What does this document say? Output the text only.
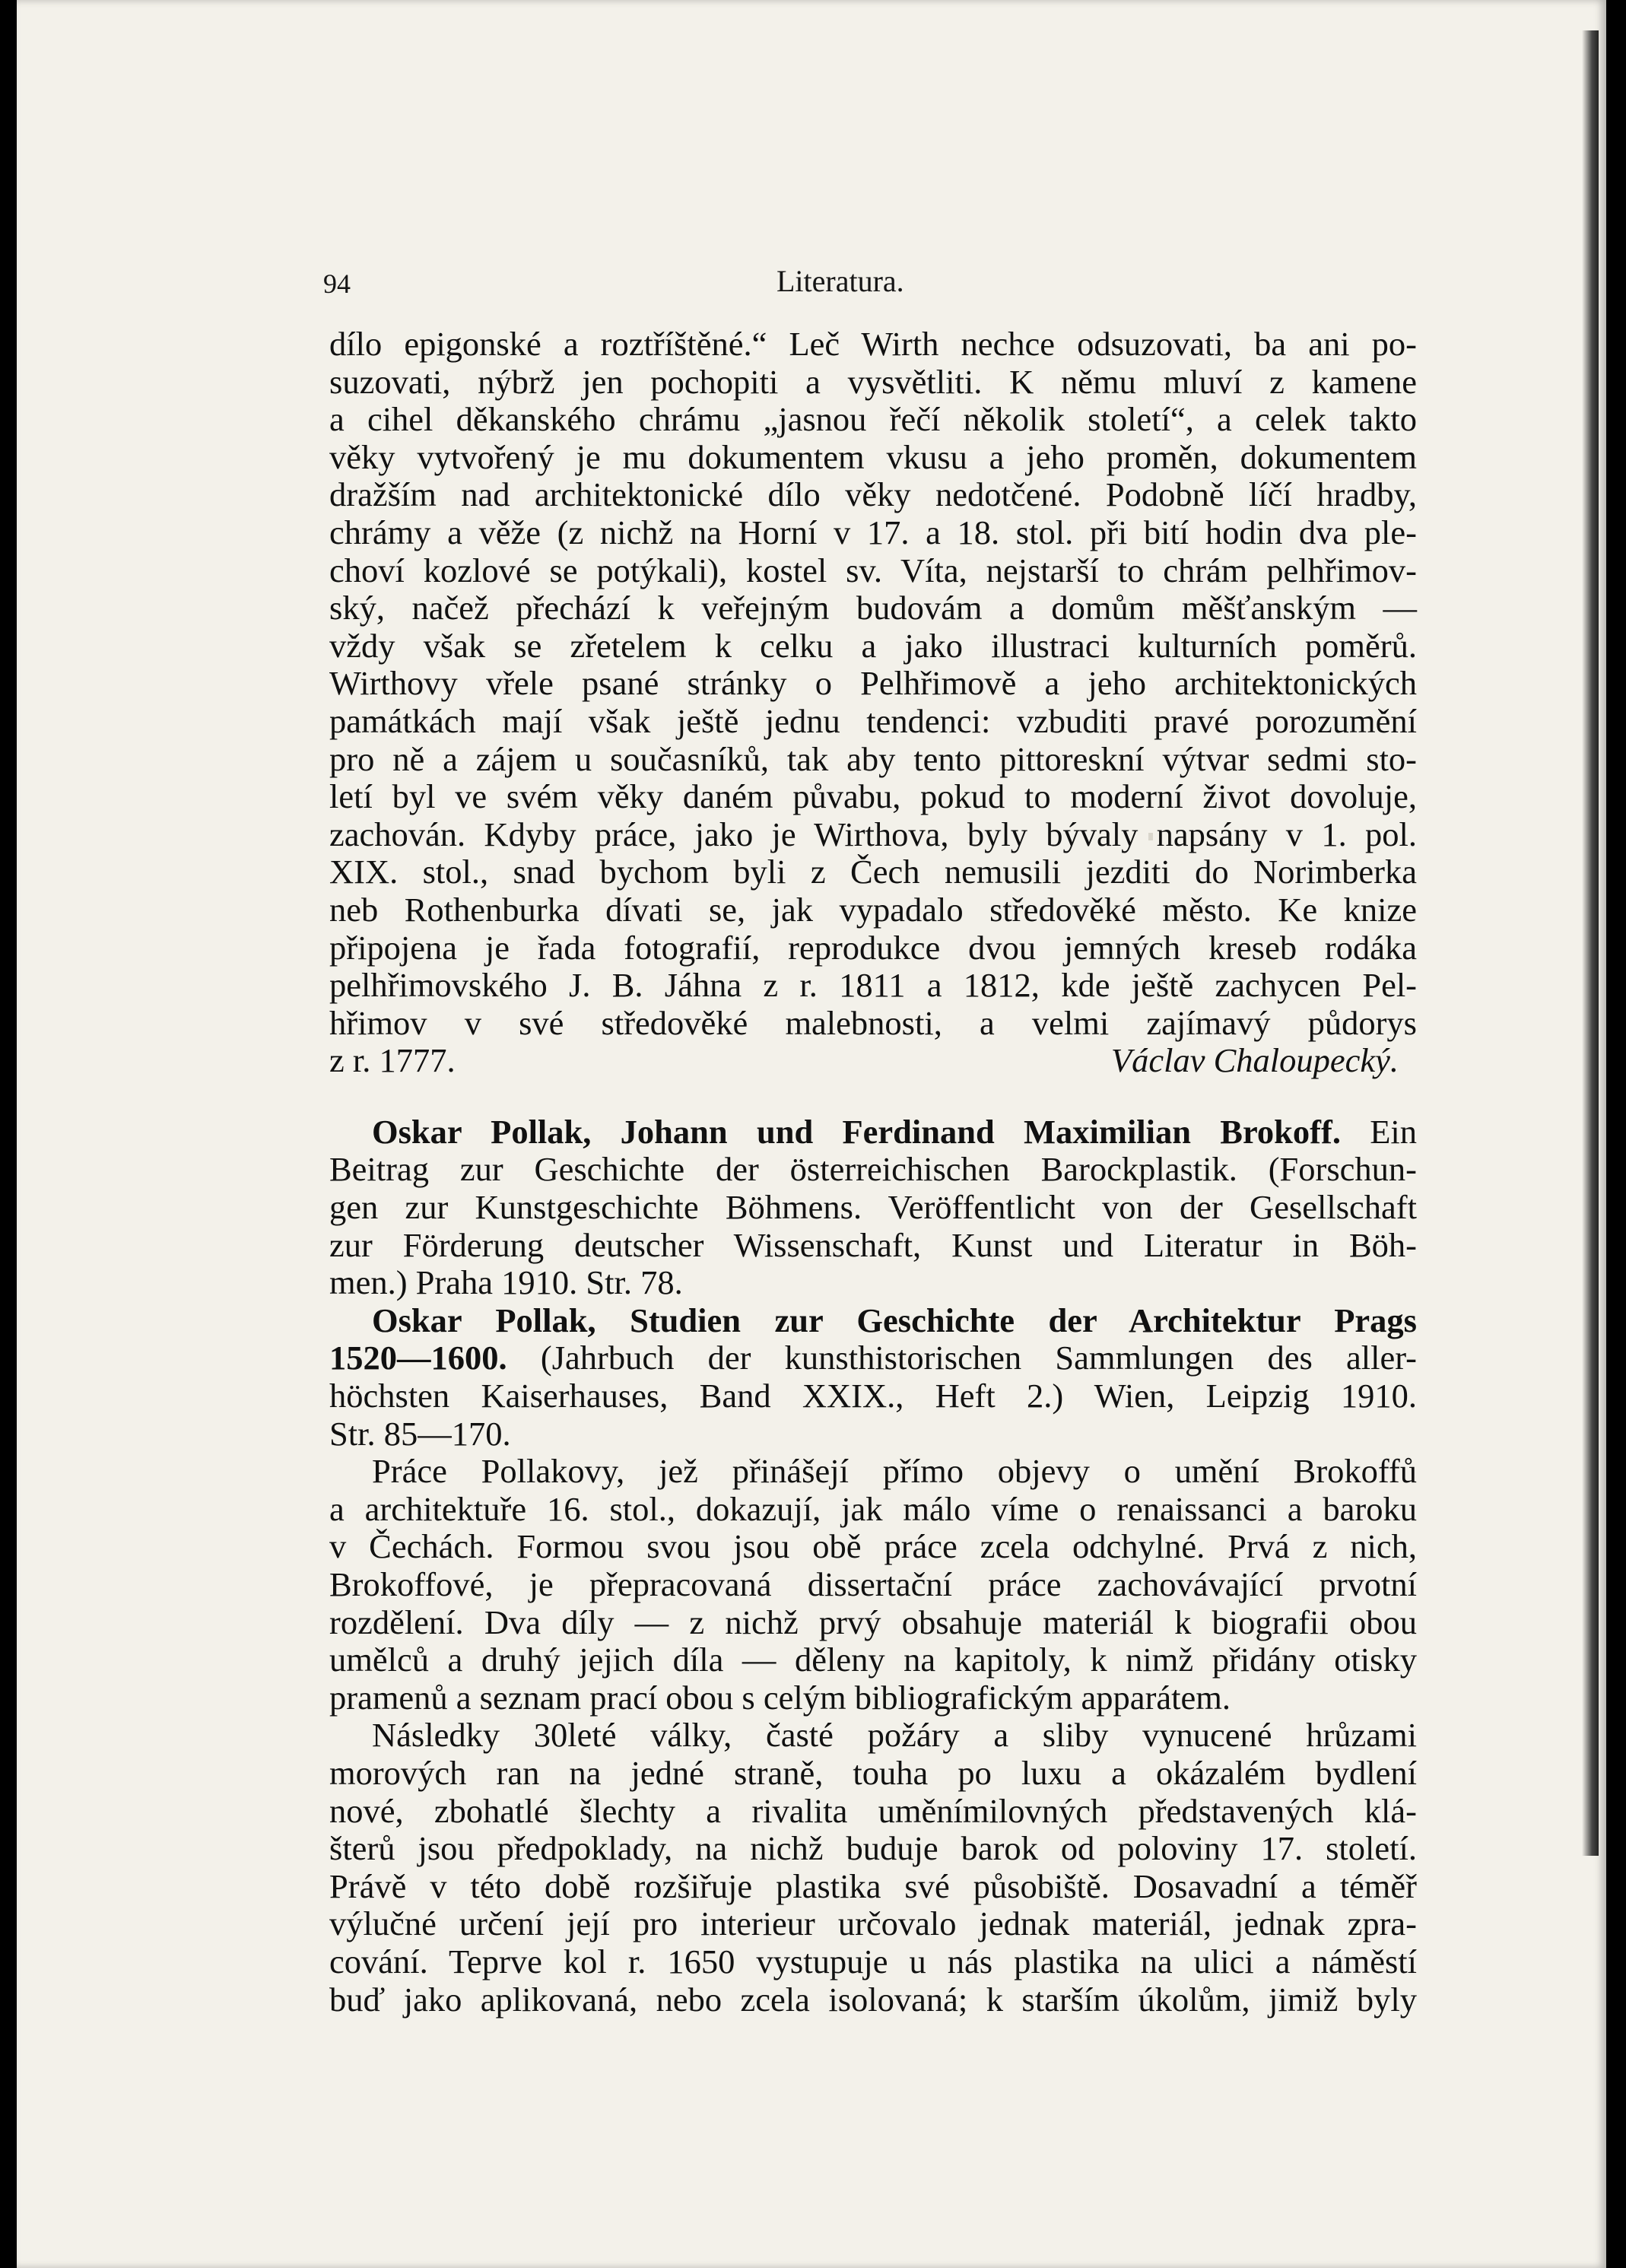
94	Literatura.
dílo epigonské a roztříštěné.“ Leč Wirth nechce odsuzovati, ba ani po-
suzovati, nýbrž jen pochopiti a vysvětliti. K němu mluví z kamene
a cihel děkanského chrámu „jasnou řečí několik století“, a celek takto
věky vytvořený je mu dokumentem vkusu a jeho proměn, dokumentem
dražším nad architektonické dílo věky nedotčené. Podobně líčí hradby,
chrámy a věže (z nichž na Horní v 17. a 18. stol. při bití hodin dva ple-
choví kozlové se potýkali), kostel sv. Víta, nejstarší to chrám pelhřimov-
ský, načež přechází k veřejným budovám a domům měšťanským —
vždy však se zřetelem k celku a jako illustraci kulturních poměrů.
Wirthovy vřele psané stránky o Pelhřimově a jeho architektonických
památkách mají však ještě jednu tendenci: vzbuditi pravé porozumění
pro ně a zájem u současníků, tak aby tento pittoreskní výtvar sedmi sto-
letí byl ve svém věky daném půvabu, pokud to moderní život dovoluje,
zachován. Kdyby práce, jako je Wirthova, byly bývaly napsány v 1. pol.
XIX. stol., snad bychom byli z Čech nemusili jezditi do Norimberka
neb Rothenburka dívati se, jak vypadalo středověké město. Ke knize
připojena je řada fotografií, reprodukce dvou jemných kreseb rodáka
pelhřimovského J. B. Jáhna z r. 1811 a 1812, kde ještě zachycen Pel-
hřimov v své středověké malebnosti, a velmi zajímavý půdorys
z r. 1777.	Václav Chaloupecký.
Oskar Pollak, Johann und Ferdinand Maximilian Brokoff. Ein
Beitrag zur Geschichte der österreichischen Barockplastik. (Forschun-
gen zur Kunstgeschichte Böhmens. Veröffentlicht von der Gesellschaft
zur Förderung deutscher Wissenschaft, Kunst und Literatur in Böh-
men.) Praha 1910. Str. 78.
Oskar Pollak, Studien zur Geschichte der Architektur Prags
1520—1600. (Jahrbuch der kunsthistorischen Sammlungen des aller-
höchsten Kaiserhauses, Band XXIX., Heft 2.) Wien, Leipzig 1910.
Str. 85—170.
Práce Pollakovy, jež přinášejí přímo objevy o umění Brokoffů
a architektuře 16. stol., dokazují, jak málo víme o renaissanci a baroku
v Čechách. Formou svou jsou obě práce zcela odchylné. Prvá z nich,
Brokoffové, je přepracovaná dissertační práce zachovávající prvotní
rozdělení. Dva díly — z nichž prvý obsahuje materiál k biografii obou
umělců a druhý jejich díla — děleny na kapitoly, k nimž přidány otisky
pramenů a seznam prací obou s celým bibliografickým apparátem.
Následky 30leté války, časté požáry a sliby vynucené hrůzami
morových ran na jedné straně, touha po luxu a okázalém bydlení
nové, zbohatlé šlechty a rivalita uměnímilovných představených klá-
šterů jsou předpoklady, na nichž buduje barok od poloviny 17. století.
Právě v této době rozšiřuje plastika své působiště. Dosavadní a téměř
výlučné určení její pro interieur určovalo jednak materiál, jednak zpra-
cování. Teprve kol r. 1650 vystupuje u nás plastika na ulici a náměstí
buď jako aplikovaná, nebo zcela isolovaná; k starším úkolům, jimiž byly
